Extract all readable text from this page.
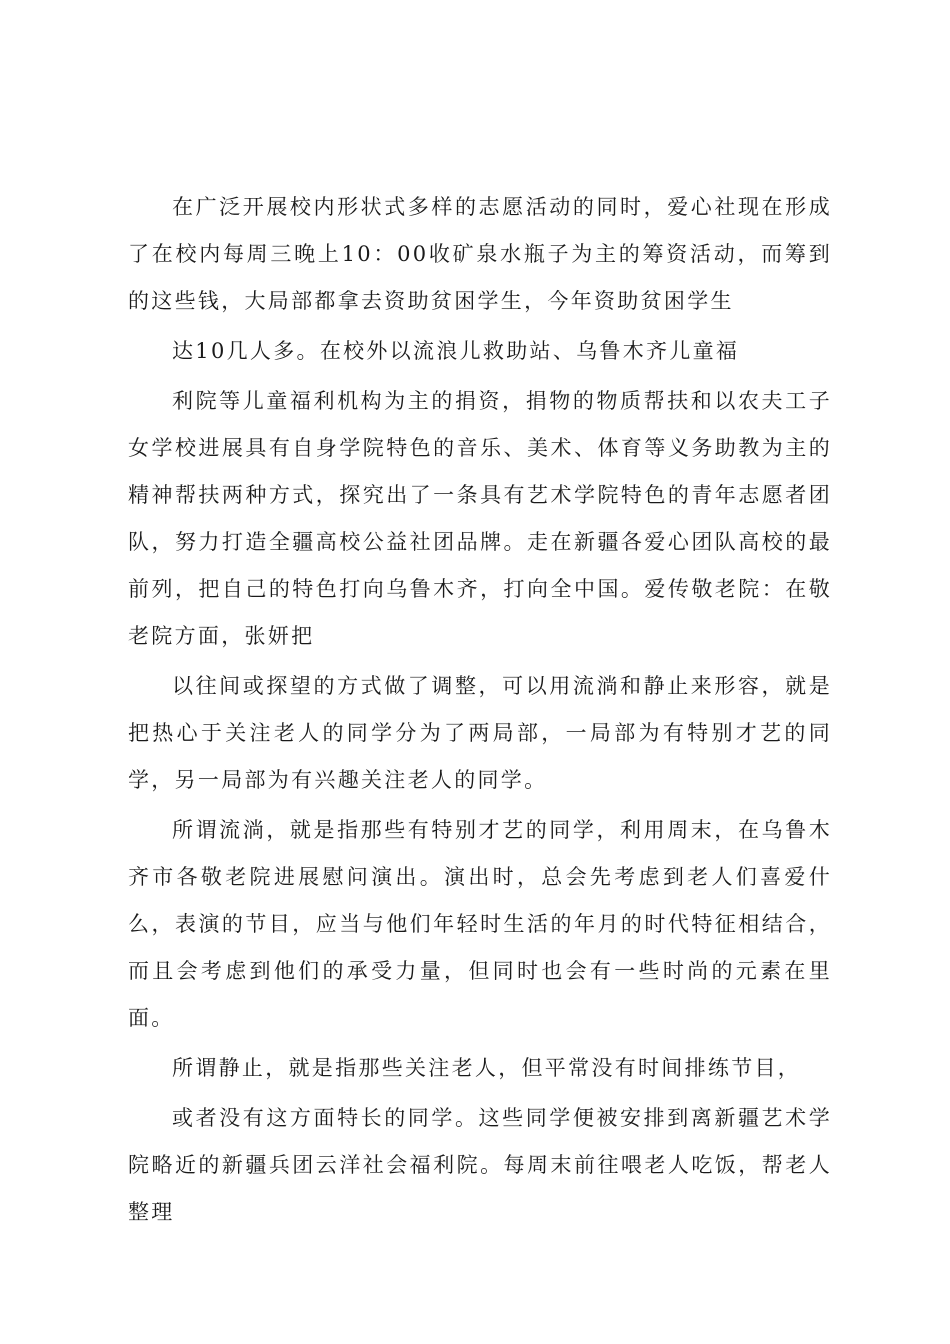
在广泛开展校内形状式多样的志愿活动的同时，爱心社现在形成了在校内每周三晚上10：00收矿泉水瓶子为主的筹资活动，而筹到的这些钱，大局部都拿去资助贫困学生，今年资助贫困学生

达10几人多。在校外以流浪儿救助站、乌鲁木齐儿童福

利院等儿童福利机构为主的捐资，捐物的物质帮扶和以农夫工子女学校进展具有自身学院特色的音乐、美术、体育等义务助教为主的精神帮扶两种方式，探究出了一条具有艺术学院特色的青年志愿者团队，努力打造全疆高校公益社团品牌。走在新疆各爱心团队高校的最前列，把自己的特色打向乌鲁木齐，打向全中国。爱传敬老院：在敬老院方面，张妍把

以往间或探望的方式做了调整，可以用流淌和静止来形容，就是把热心于关注老人的同学分为了两局部，一局部为有特别才艺的同学，另一局部为有兴趣关注老人的同学。

所谓流淌，就是指那些有特别才艺的同学，利用周末，在乌鲁木齐市各敬老院进展慰问演出。演出时，总会先考虑到老人们喜爱什么，表演的节目，应当与他们年轻时生活的年月的时代特征相结合，而且会考虑到他们的承受力量，但同时也会有一些时尚的元素在里面。

所谓静止，就是指那些关注老人，但平常没有时间排练节目，

或者没有这方面特长的同学。这些同学便被安排到离新疆艺术学院略近的新疆兵团云洋社会福利院。每周末前往喂老人吃饭，帮老人整理
